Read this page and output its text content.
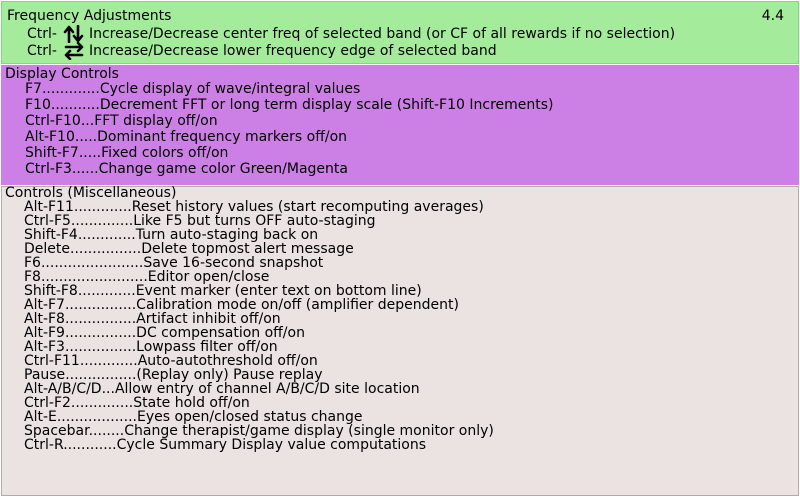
Frequency Adjustments	4.4
Ctrl- Increase/Decrease center freq of selected band (or CF of all rewards if no selection)
Ctrl- Increase/Decrease lower frequency edge of selected band
Display Controls
F7.............Cycle display of wave/integral values
F10...........Decrement FFT or long term display scale (Shift-F10 Increments)
Ctrl-F10...FFT display off/on
Alt-F10.....Dominant frequency markers off/on
Shift-F7.....Fixed colors off/on
Ctrl-F3......Change game color Green/Magenta
Controls (Miscellaneous)
Alt-F11.............Reset history values (start recomputing averages)
Ctrl-F5..............Like F5 but turns OFF auto-staging
Shift-F4.............Turn auto-staging back on
Delete................Delete topmost alert message
F6.......................Save 16-second snapshot
F8........................Editor open/close
Shift-F8.............Event marker (enter text on bottom line)
Alt-F7................Calibration mode on/off (amplifier dependent)
Alt-F8................Artifact inhibit off/on
Alt-F9................DC compensation off/on
Alt-F3................Lowpass filter off/on
Ctrl-F11.............Auto-autothreshold off/on
Pause................(Replay only) Pause replay
Alt-A/B/C/D...Allow entry of channel A/B/C/D site location
Ctrl-F2..............State hold off/on
Alt-E..................Eyes open/closed status change
Spacebar........Change therapist/game display (single monitor only)
Ctrl-R............Cycle Summary Display value computations
